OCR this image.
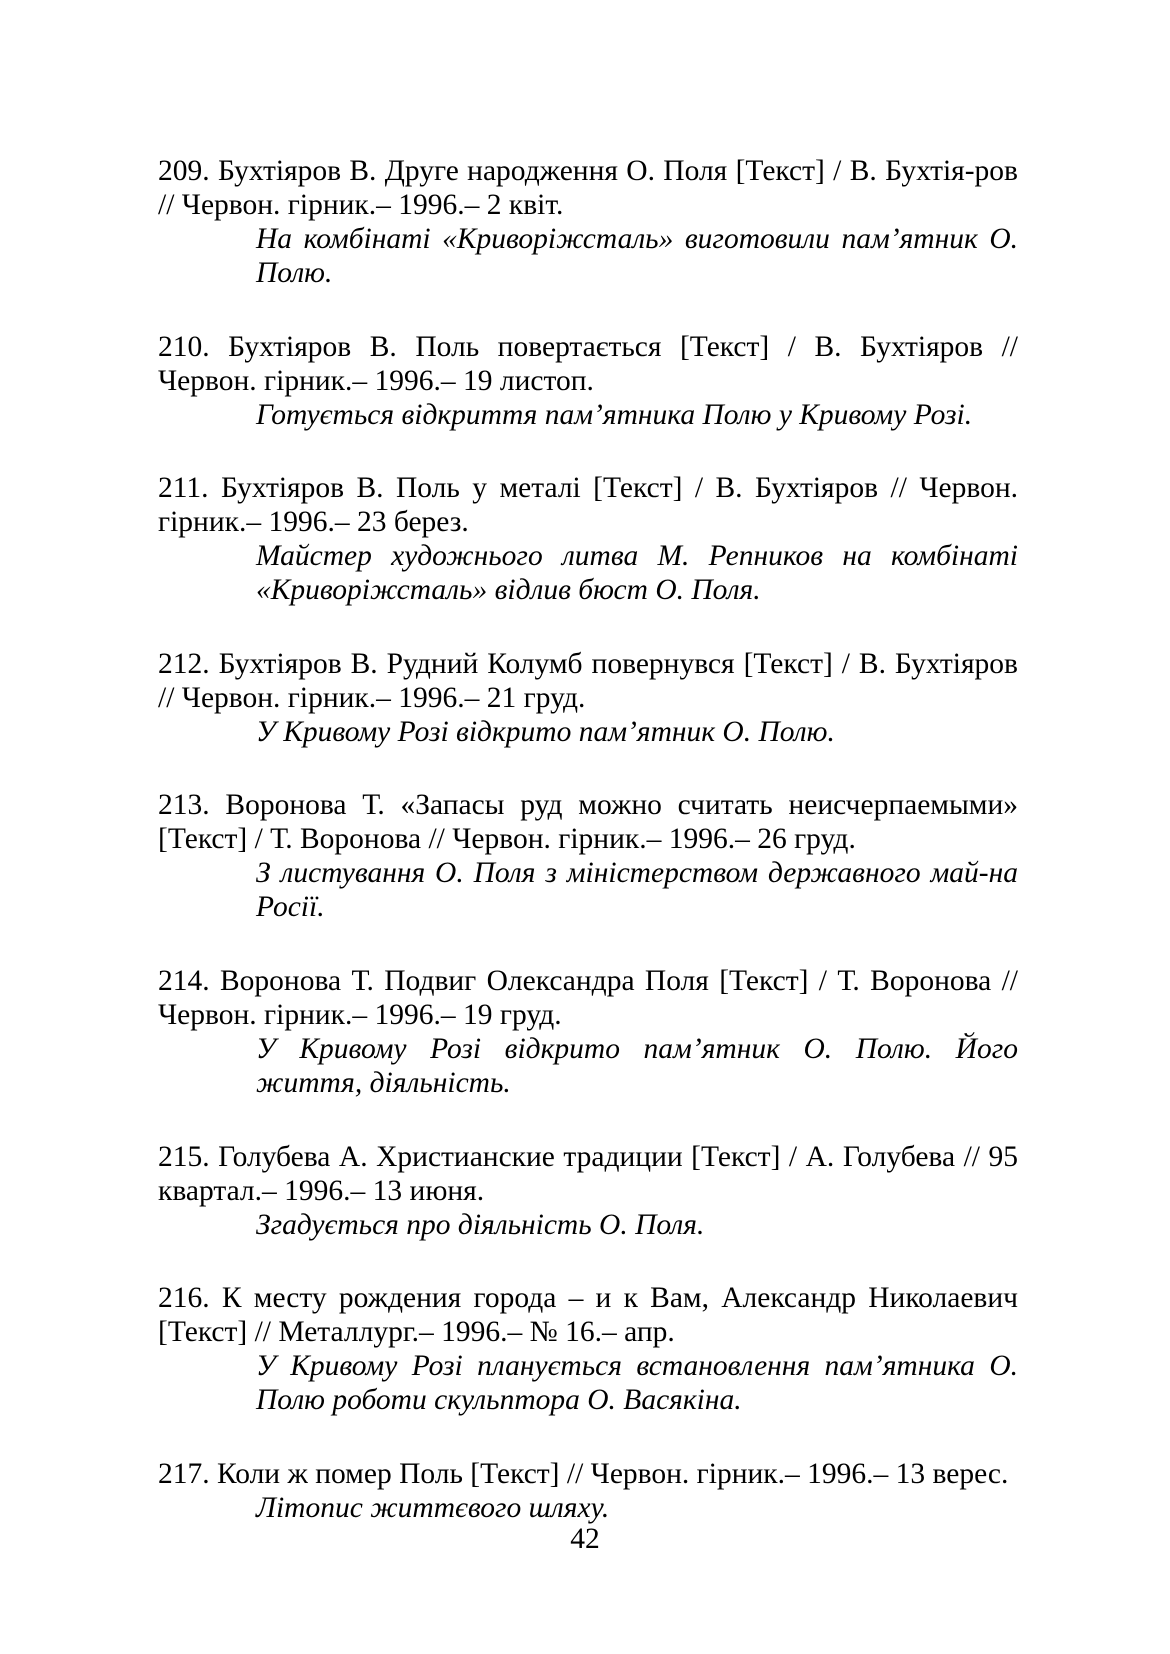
209. Бухтіяров В. Друге народження О. Поля [Текст] / В. Бухтія-ров // Червон. гірник.– 1996.– 2 квіт.

На комбінаті «Криворіжсталь» виготовили пам’ятник О. Полю.

210. Бухтіяров В. Поль повертається [Текст] / В. Бухтіяров // Червон. гірник.– 1996.– 19 листоп.

Готується відкриття пам’ятника Полю у Кривому Розі.

211. Бухтіяров В. Поль у металі [Текст] / В. Бухтіяров // Червон. гірник.– 1996.– 23 берез.

Майстер художнього литва М. Репников на комбінаті «Криворіжсталь» відлив бюст О. Поля.

212. Бухтіяров В. Рудний Колумб повернувся [Текст] / В. Бухтіяров // Червон. гірник.– 1996.– 21 груд.

У Кривому Розі відкрито пам’ятник О. Полю.

213. Воронова Т. «Запасы руд можно считать неисчерпаемыми» [Текст] / Т. Воронова // Червон. гірник.– 1996.– 26 груд.

З листування О. Поля з міністерством державного май-на Росії.

214. Воронова Т. Подвиг Олександра Поля [Текст] / Т. Воронова // Червон. гірник.– 1996.– 19 груд.

У Кривому Розі відкрито пам’ятник О. Полю. Його життя, діяльність.

215. Голубева А. Христианские традиции [Текст] / А. Голубева // 95 квартал.– 1996.– 13 июня.

Згадується про діяльність О. Поля.

216. К месту рождения города – и к Вам, Александр Николаевич [Текст] // Металлург.– 1996.– № 16.– апр.

У Кривому Розі планується встановлення пам’ятника О. Полю роботи скульптора О. Васякіна.

217. Коли ж помер Поль [Текст] // Червон. гірник.– 1996.– 13 верес.

Літопис життєвого шляху.

42
